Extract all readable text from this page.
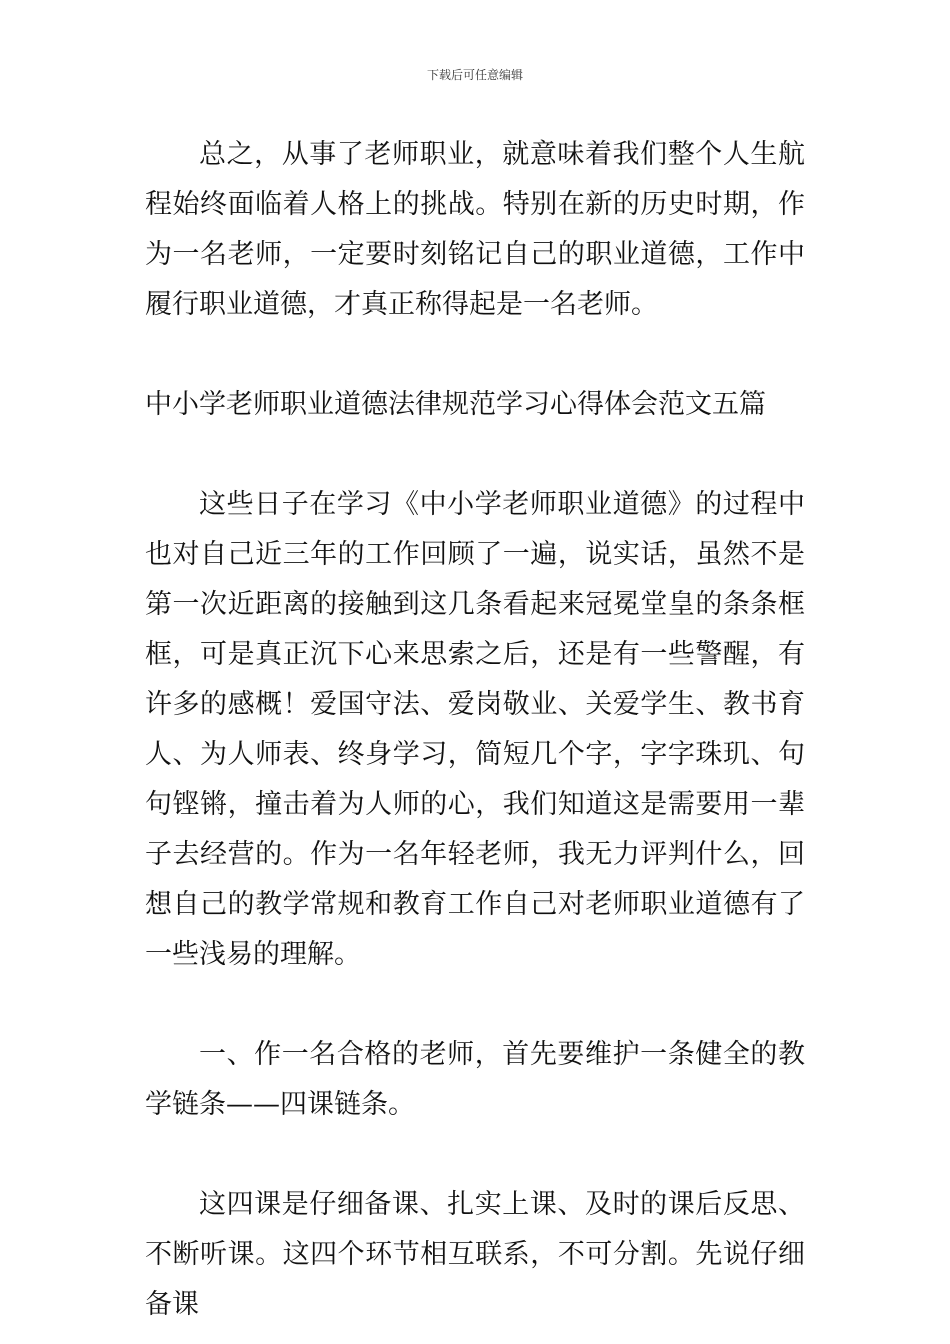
下载后可任意编辑

总之，从事了老师职业，就意味着我们整个人生航程始终面临着人格上的挑战。特别在新的历史时期，作为一名老师，一定要时刻铭记自己的职业道德，工作中履行职业道德，才真正称得起是一名老师。

中小学老师职业道德法律规范学习心得体会范文五篇

这些日子在学习《中小学老师职业道德》的过程中也对自己近三年的工作回顾了一遍，说实话，虽然不是第一次近距离的接触到这几条看起来冠冕堂皇的条条框框，可是真正沉下心来思索之后，还是有一些警醒，有许多的感概！爱国守法、爱岗敬业、关爱学生、教书育人、为人师表、终身学习，简短几个字，字字珠玑、句句铿锵，撞击着为人师的心，我们知道这是需要用一辈子去经营的。作为一名年轻老师，我无力评判什么，回想自己的教学常规和教育工作自己对老师职业道德有了一些浅易的理解。

一、作一名合格的老师，首先要维护一条健全的教学链条——四课链条。

这四课是仔细备课、扎实上课、及时的课后反思、不断听课。这四个环节相互联系，不可分割。先说仔细备课
